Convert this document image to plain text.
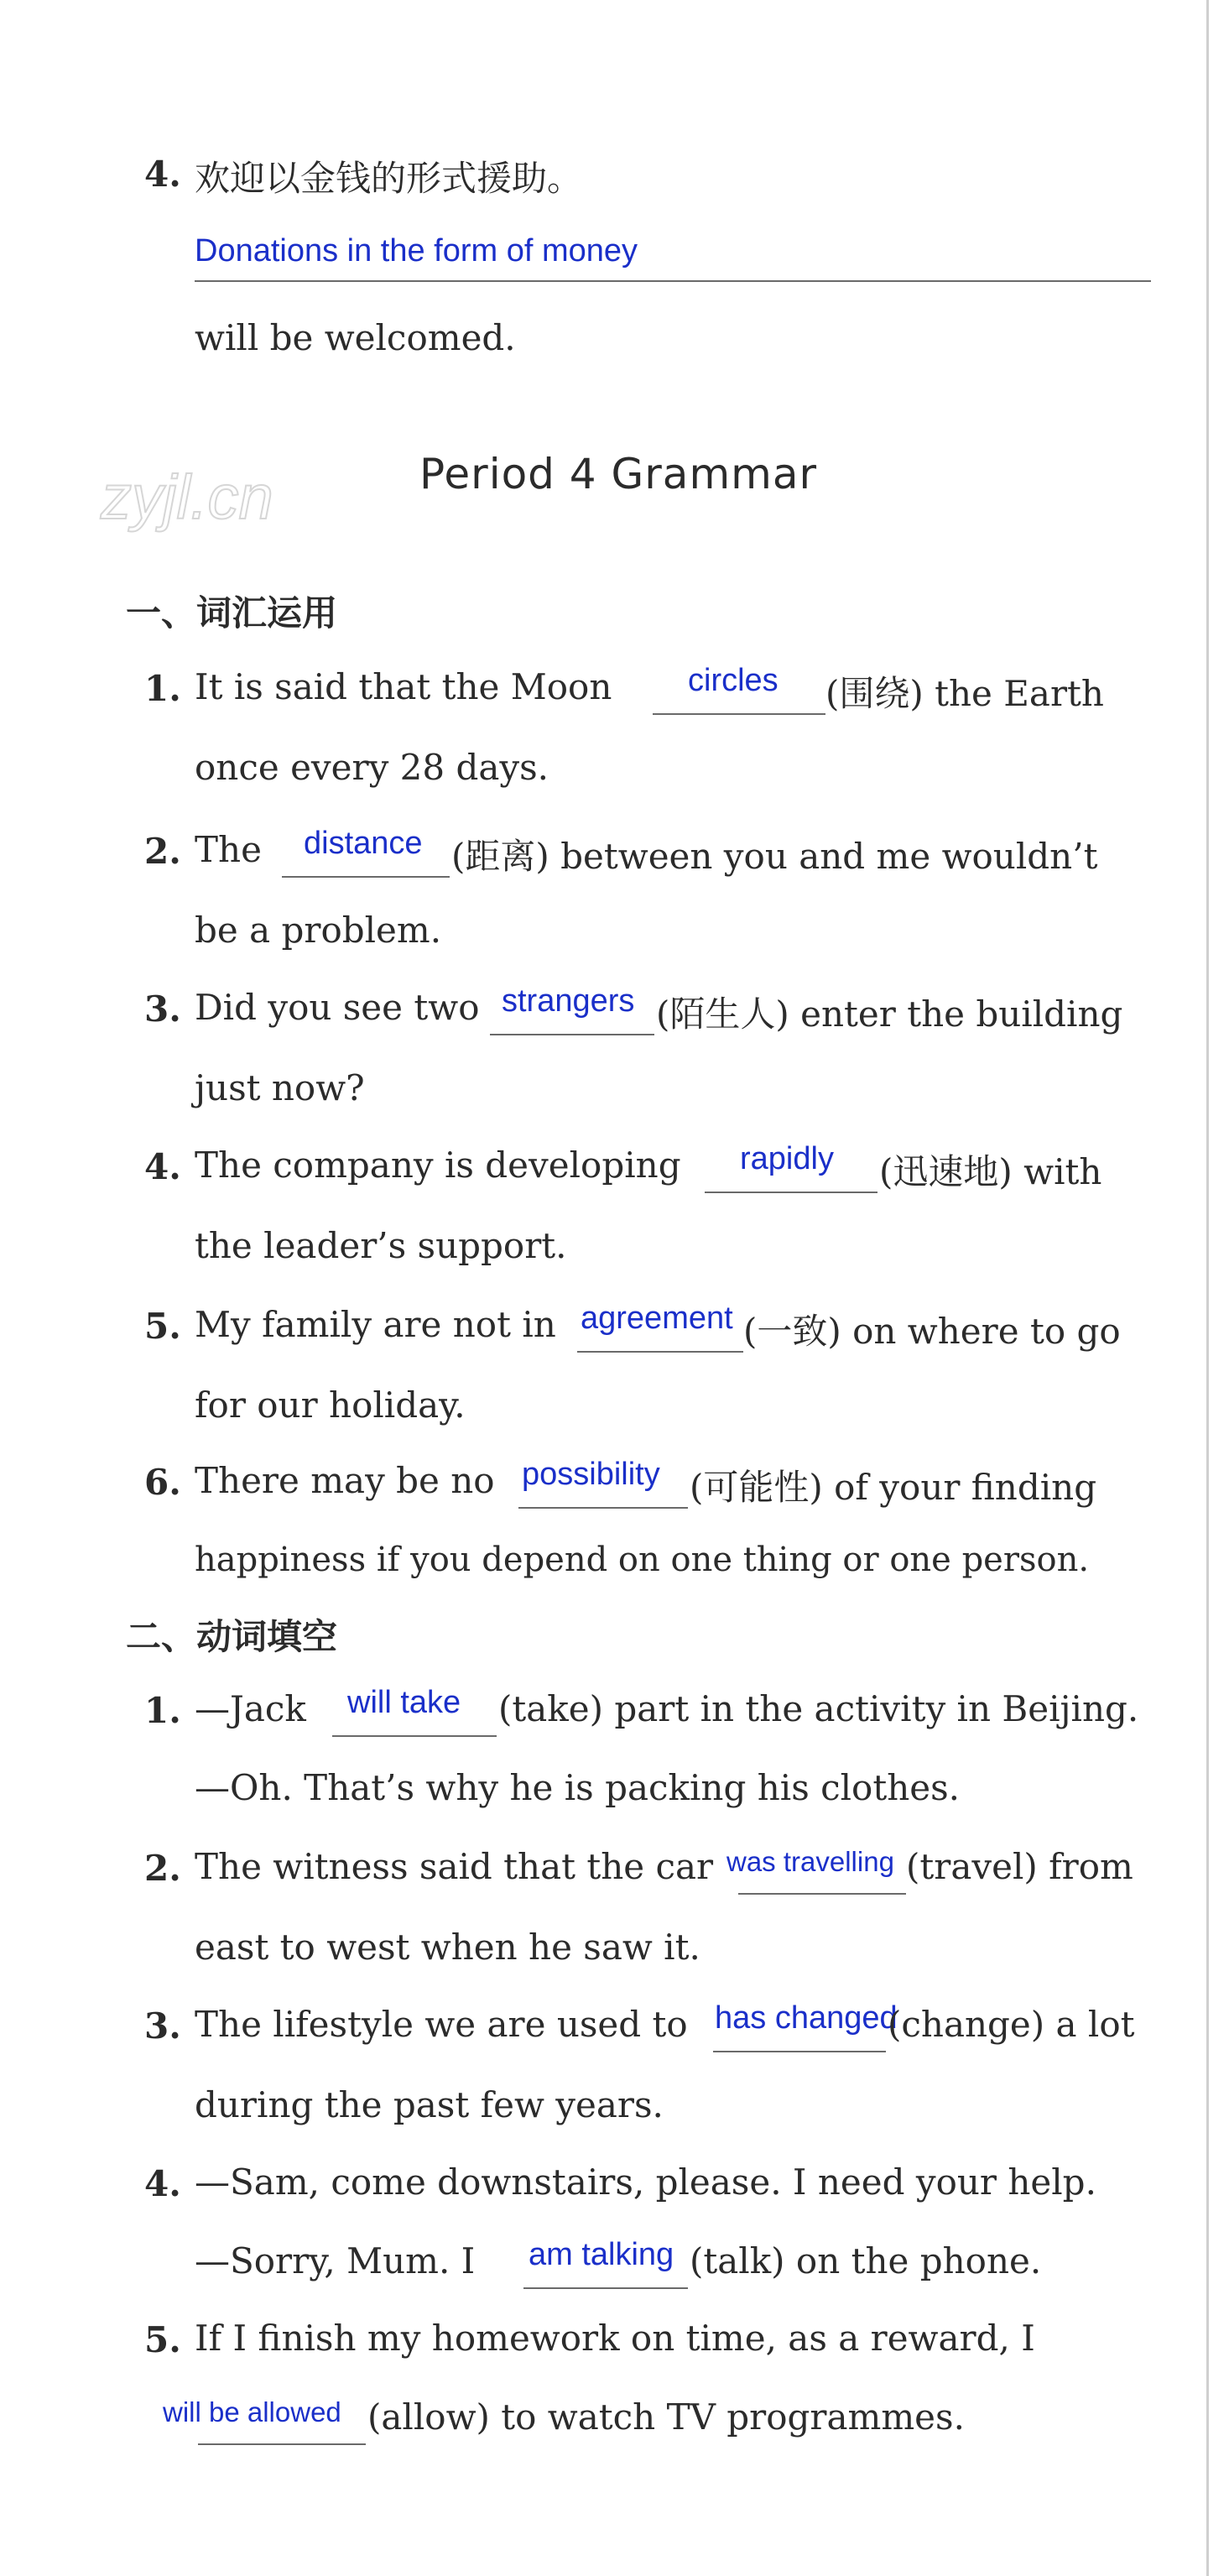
4. 欢迎以金钱的形式援助。
Donations in the form of money
will be welcomed.
zyjl.cn	Period 4 Grammar
一、词汇运用
1. It is said that the Moon circles (围绕) the Earth
once every 28 days.
2. The distance (距离) between you and me wouldn’t
be a problem.
3. Did you see two strangers (陌生人) enter the building
just now?
4. The company is developing rapidly (迅速地) with
the leader’s support.
5. My family are not in agreement (一致) on where to go
for our holiday.
6. There may be no possibility (可能性) of your finding
happiness if you depend on one thing or one person.
二、动词填空
1. —Jack will take (take) part in the activity in Beijing.
—Oh. That’s why he is packing his clothes.
2. The witness said that the car was travelling (travel) from
east to west when he saw it.
3. The lifestyle we are used to has changed
(change) a lot
during the past few years.
4. —Sam, come downstairs, please. I need your help.
—Sorry, Mum. I am talking (talk) on the phone.
5. If I finish my homework on time, as a reward, I
will be allowed (allow) to watch TV programmes.
